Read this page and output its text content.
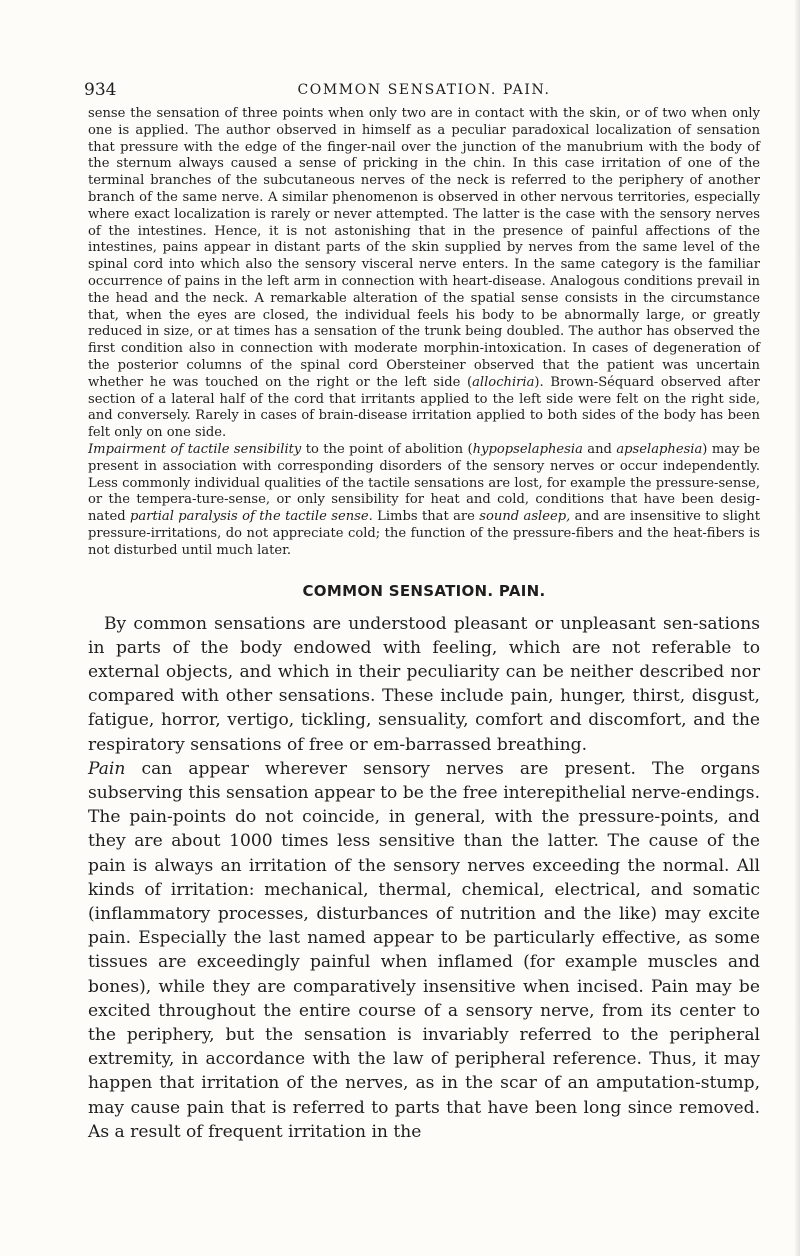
934	COMMON SENSATION. PAIN.

sense the sensation of three points when only two are in contact with the skin, or of two when only one is applied. The author observed in himself as a peculiar paradoxical localization of sensation that pressure with the edge of the finger-nail over the junction of the manubrium with the body of the sternum always caused a sense of pricking in the chin. In this case irritation of one of the terminal branches of the subcutaneous nerves of the neck is referred to the periphery of another branch of the same nerve. A similar phenomenon is observed in other nervous territories, especially where exact localization is rarely or never attempted. The latter is the case with the sensory nerves of the intestines. Hence, it is not astonishing that in the presence of painful affections of the intestines, pains appear in distant parts of the skin supplied by nerves from the same level of the spinal cord into which also the sensory visceral nerve enters. In the same category is the familiar occurrence of pains in the left arm in connection with heart-disease. Analogous conditions prevail in the head and the neck. A remarkable alteration of the spatial sense consists in the circumstance that, when the eyes are closed, the individual feels his body to be abnormally large, or greatly reduced in size, or at times has a sensation of the trunk being doubled. The author has observed the first condition also in connection with moderate morphin-intoxication. In cases of degeneration of the posterior columns of the spinal cord Obersteiner observed that the patient was uncertain whether he was touched on the right or the left side (allochiria). Brown-Séquard observed after section of a lateral half of the cord that irritants applied to the left side were felt on the right side, and conversely. Rarely in cases of brain-disease irritation applied to both sides of the body has been felt only on one side.

Impairment of tactile sensibility to the point of abolition (hypopselaphesia and apselaphesia) may be present in association with corresponding disorders of the sensory nerves or occur independently. Less commonly individual qualities of the tactile sensations are lost, for example the pressure-sense, or the tempera-ture-sense, or only sensibility for heat and cold, conditions that have been desig-nated partial paralysis of the tactile sense. Limbs that are sound asleep, and are insensitive to slight pressure-irritations, do not appreciate cold; the function of the pressure-fibers and the heat-fibers is not disturbed until much later.

COMMON SENSATION. PAIN.

By common sensations are understood pleasant or unpleasant sen-sations in parts of the body endowed with feeling, which are not referable to external objects, and which in their peculiarity can be neither described nor compared with other sensations. These include pain, hunger, thirst, disgust, fatigue, horror, vertigo, tickling, sensuality, comfort and discomfort, and the respiratory sensations of free or em-barrassed breathing.

Pain can appear wherever sensory nerves are present. The organs subserving this sensation appear to be the free interepithelial nerve-endings. The pain-points do not coincide, in general, with the pressure-points, and they are about 1000 times less sensitive than the latter. The cause of the pain is always an irritation of the sensory nerves exceeding the normal. All kinds of irritation: mechanical, thermal, chemical, electrical, and somatic (inflammatory processes, disturbances of nutrition and the like) may excite pain. Especially the last named appear to be particularly effective, as some tissues are exceedingly painful when inflamed (for example muscles and bones), while they are comparatively insensitive when incised. Pain may be excited throughout the entire course of a sensory nerve, from its center to the periphery, but the sensation is invariably referred to the peripheral extremity, in accordance with the law of peripheral reference. Thus, it may happen that irritation of the nerves, as in the scar of an amputation-stump, may cause pain that is referred to parts that have been long since removed. As a result of frequent irritation in the
